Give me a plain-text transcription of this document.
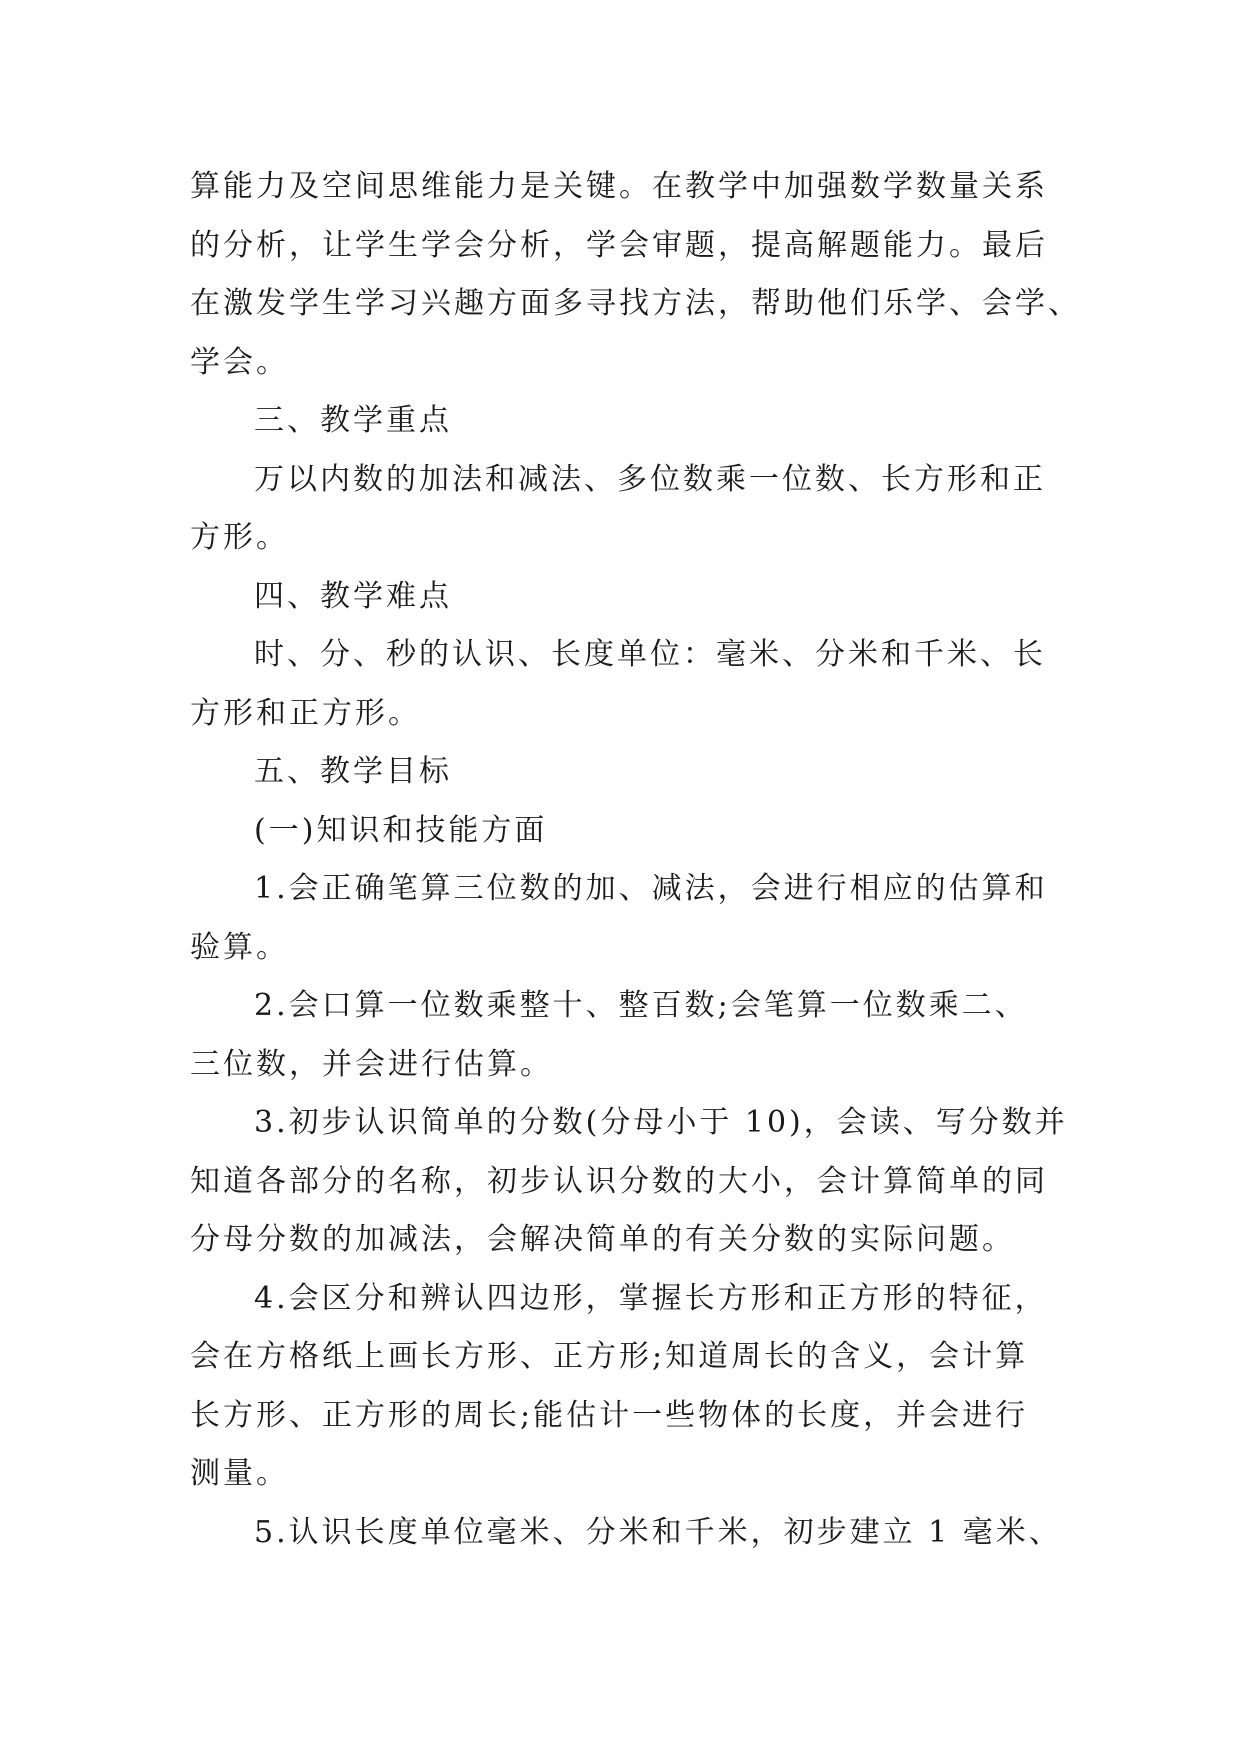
算能力及空间思维能力是关键。在教学中加强数学数量关系
的分析，让学生学会分析，学会审题，提高解题能力。最后
在激发学生学习兴趣方面多寻找方法，帮助他们乐学、会学、
学会。
三、教学重点
万以内数的加法和减法、多位数乘一位数、长方形和正
方形。
四、教学难点
时、分、秒的认识、长度单位：毫米、分米和千米、长
方形和正方形。
五、教学目标
(一)知识和技能方面
1.会正确笔算三位数的加、减法，会进行相应的估算和
验算。
2.会口算一位数乘整十、整百数;会笔算一位数乘二、
三位数，并会进行估算。
3.初步认识简单的分数(分母小于 10)，会读、写分数并
知道各部分的名称，初步认识分数的大小，会计算简单的同
分母分数的加减法，会解决简单的有关分数的实际问题。
4.会区分和辨认四边形，掌握长方形和正方形的特征，
会在方格纸上画长方形、正方形;知道周长的含义，会计算
长方形、正方形的周长;能估计一些物体的长度，并会进行
测量。
5.认识长度单位毫米、分米和千米，初步建立 1 毫米、
